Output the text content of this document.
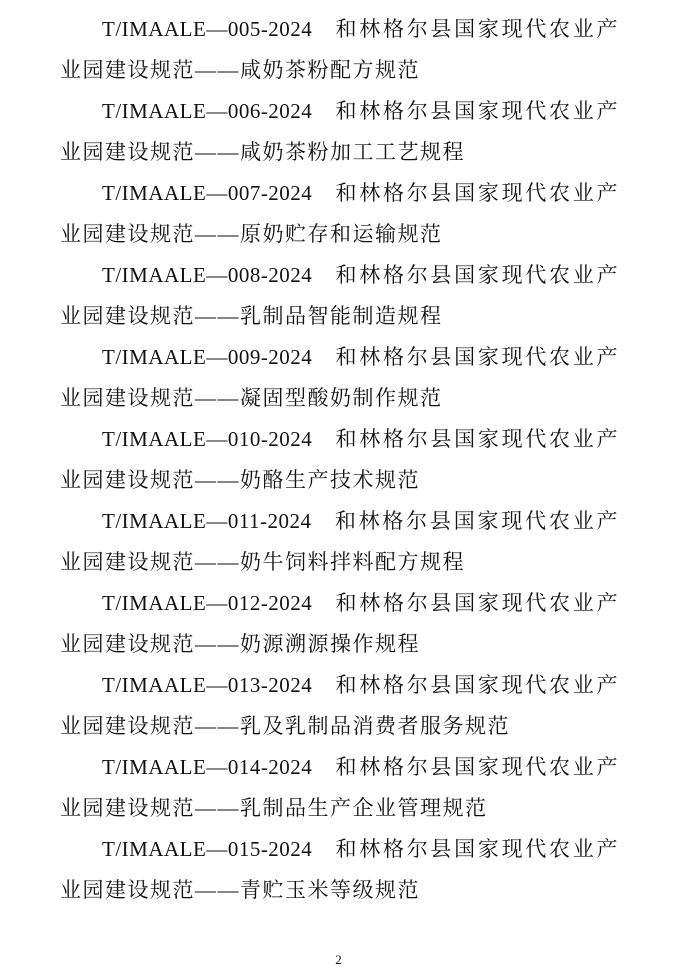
T/IMAALE—005-2024 和林格尔县国家现代农业产业园建设规范——咸奶茶粉配方规范

T/IMAALE—006-2024 和林格尔县国家现代农业产业园建设规范——咸奶茶粉加工工艺规程

T/IMAALE—007-2024 和林格尔县国家现代农业产业园建设规范——原奶贮存和运输规范

T/IMAALE—008-2024 和林格尔县国家现代农业产业园建设规范——乳制品智能制造规程

T/IMAALE—009-2024 和林格尔县国家现代农业产业园建设规范——凝固型酸奶制作规范

T/IMAALE—010-2024 和林格尔县国家现代农业产业园建设规范——奶酪生产技术规范

T/IMAALE—011-2024 和林格尔县国家现代农业产业园建设规范——奶牛饲料拌料配方规程

T/IMAALE—012-2024 和林格尔县国家现代农业产业园建设规范——奶源溯源操作规程

T/IMAALE—013-2024 和林格尔县国家现代农业产业园建设规范——乳及乳制品消费者服务规范

T/IMAALE—014-2024 和林格尔县国家现代农业产业园建设规范——乳制品生产企业管理规范

T/IMAALE—015-2024 和林格尔县国家现代农业产业园建设规范——青贮玉米等级规范

2
